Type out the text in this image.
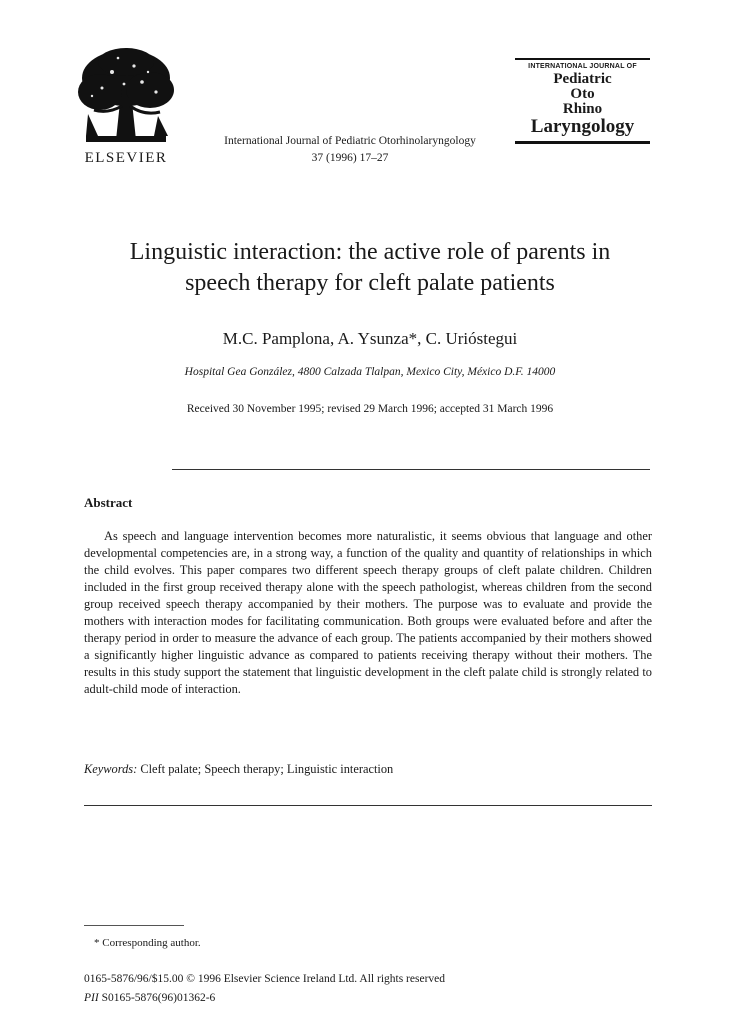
ELSEVIER
International Journal of Pediatric Otorhinolaryngology
37 (1996) 17–27
INTERNATIONAL JOURNAL OF
Pediatric
Oto
Rhino
Laryngology
Linguistic interaction: the active role of parents in
speech therapy for cleft palate patients
M.C. Pamplona, A. Ysunza*, C. Urióstegui
Hospital Gea González, 4800 Calzada Tlalpan, Mexico City, México D.F. 14000
Received 30 November 1995; revised 29 March 1996; accepted 31 March 1996
Abstract

As speech and language intervention becomes more naturalistic, it seems obvious that language and other developmental competencies are, in a strong way, a function of the quality and quantity of relationships in which the child evolves. This paper compares two different speech therapy groups of cleft palate children. Children included in the first group received therapy alone with the speech pathologist, whereas children from the second group received speech therapy accompanied by their mothers. The purpose was to evaluate and provide the mothers with interaction modes for facilitating communication. Both groups were evaluated before and after the therapy period in order to measure the advance of each group. The patients accompanied by their mothers showed a significantly higher linguistic advance as compared to patients receiving therapy without their mothers. The results in this study support the statement that linguistic development in the cleft palate child is strongly related to adult-child mode of interaction.

Keywords: Cleft palate; Speech therapy; Linguistic interaction
* Corresponding author.
0165-5876/96/$15.00 © 1996 Elsevier Science Ireland Ltd. All rights reserved
PII S0165-5876(96)01362-6
